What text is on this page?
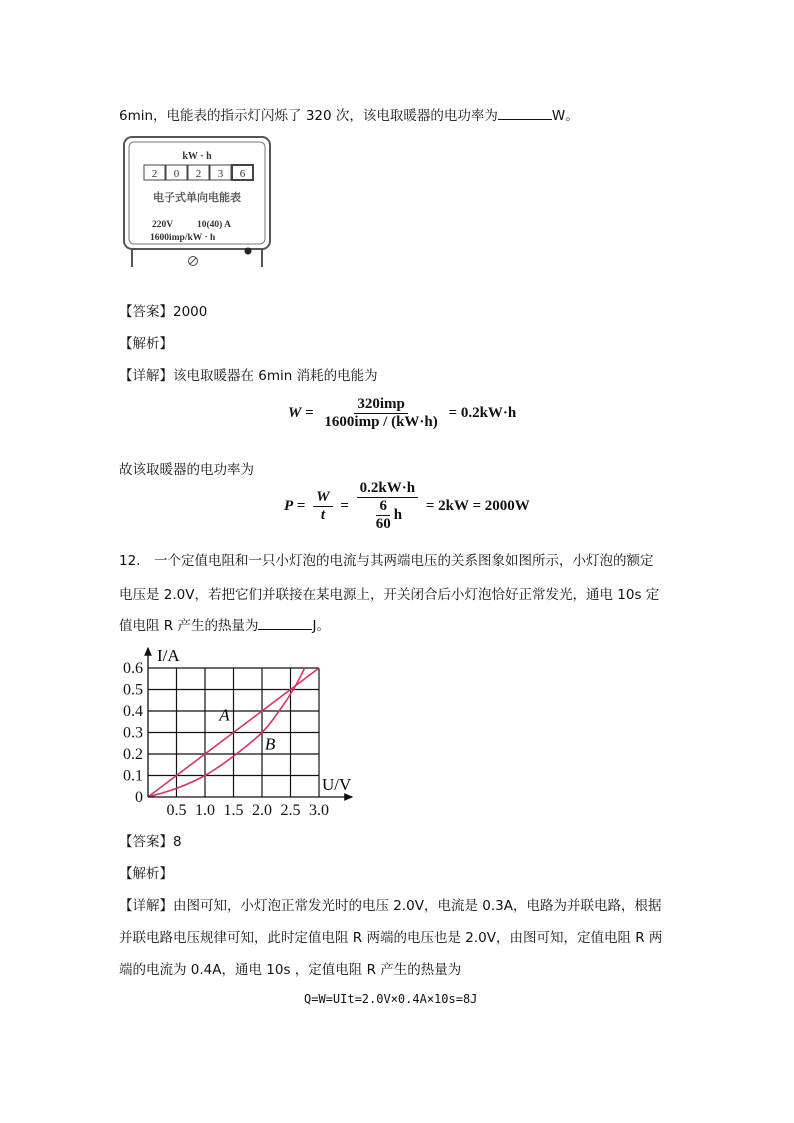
6min，电能表的指示灯闪烁了 320 次，该电取暖器的电功率为	W。
kW · h
2 0 2 3 6
电子式单向电能表
220V	10(40) A
1600imp/kW · h
【答案】2000
【解析】
【详解】该电取暖器在 6min 消耗的电能为
$W = \frac{\text{320imp}}{\text{1600imp / (kW·h)}} = 0.2kW\cdot h$
故该取暖器的电功率为
$P = \frac{W}{t} = \frac{0.2kW\cdot h}{\frac{6}{60} h} = 2kW = 2000W$
12.　一个定值电阻和一只小灯泡的电流与其两端电压的关系图象如图所示，小灯泡的额定
电压是 2.0V，若把它们并联接在某电源上，开关闭合后小灯泡恰好正常发光，通电 10s 定
值电阻 R 产生的热量为	J。
0.5 1.0 1.5 2.0 2.5 3.0
0
0.1
0.2
0.3
0.4
0.5
0.6
A
B
I/A
U/V
【答案】8
【解析】
【详解】由图可知，小灯泡正常发光时的电压 2.0V，电流是 0.3A，电路为并联电路，根据
并联电路电压规律可知，此时定值电阻 R 两端的电压也是 2.0V，由图可知，定值电阻 R 两
端的电流为 0.4A，通电 10s ，定值电阻 R 产生的热量为
Q=W=UIt=2.0V×0.4A×10s=8J
